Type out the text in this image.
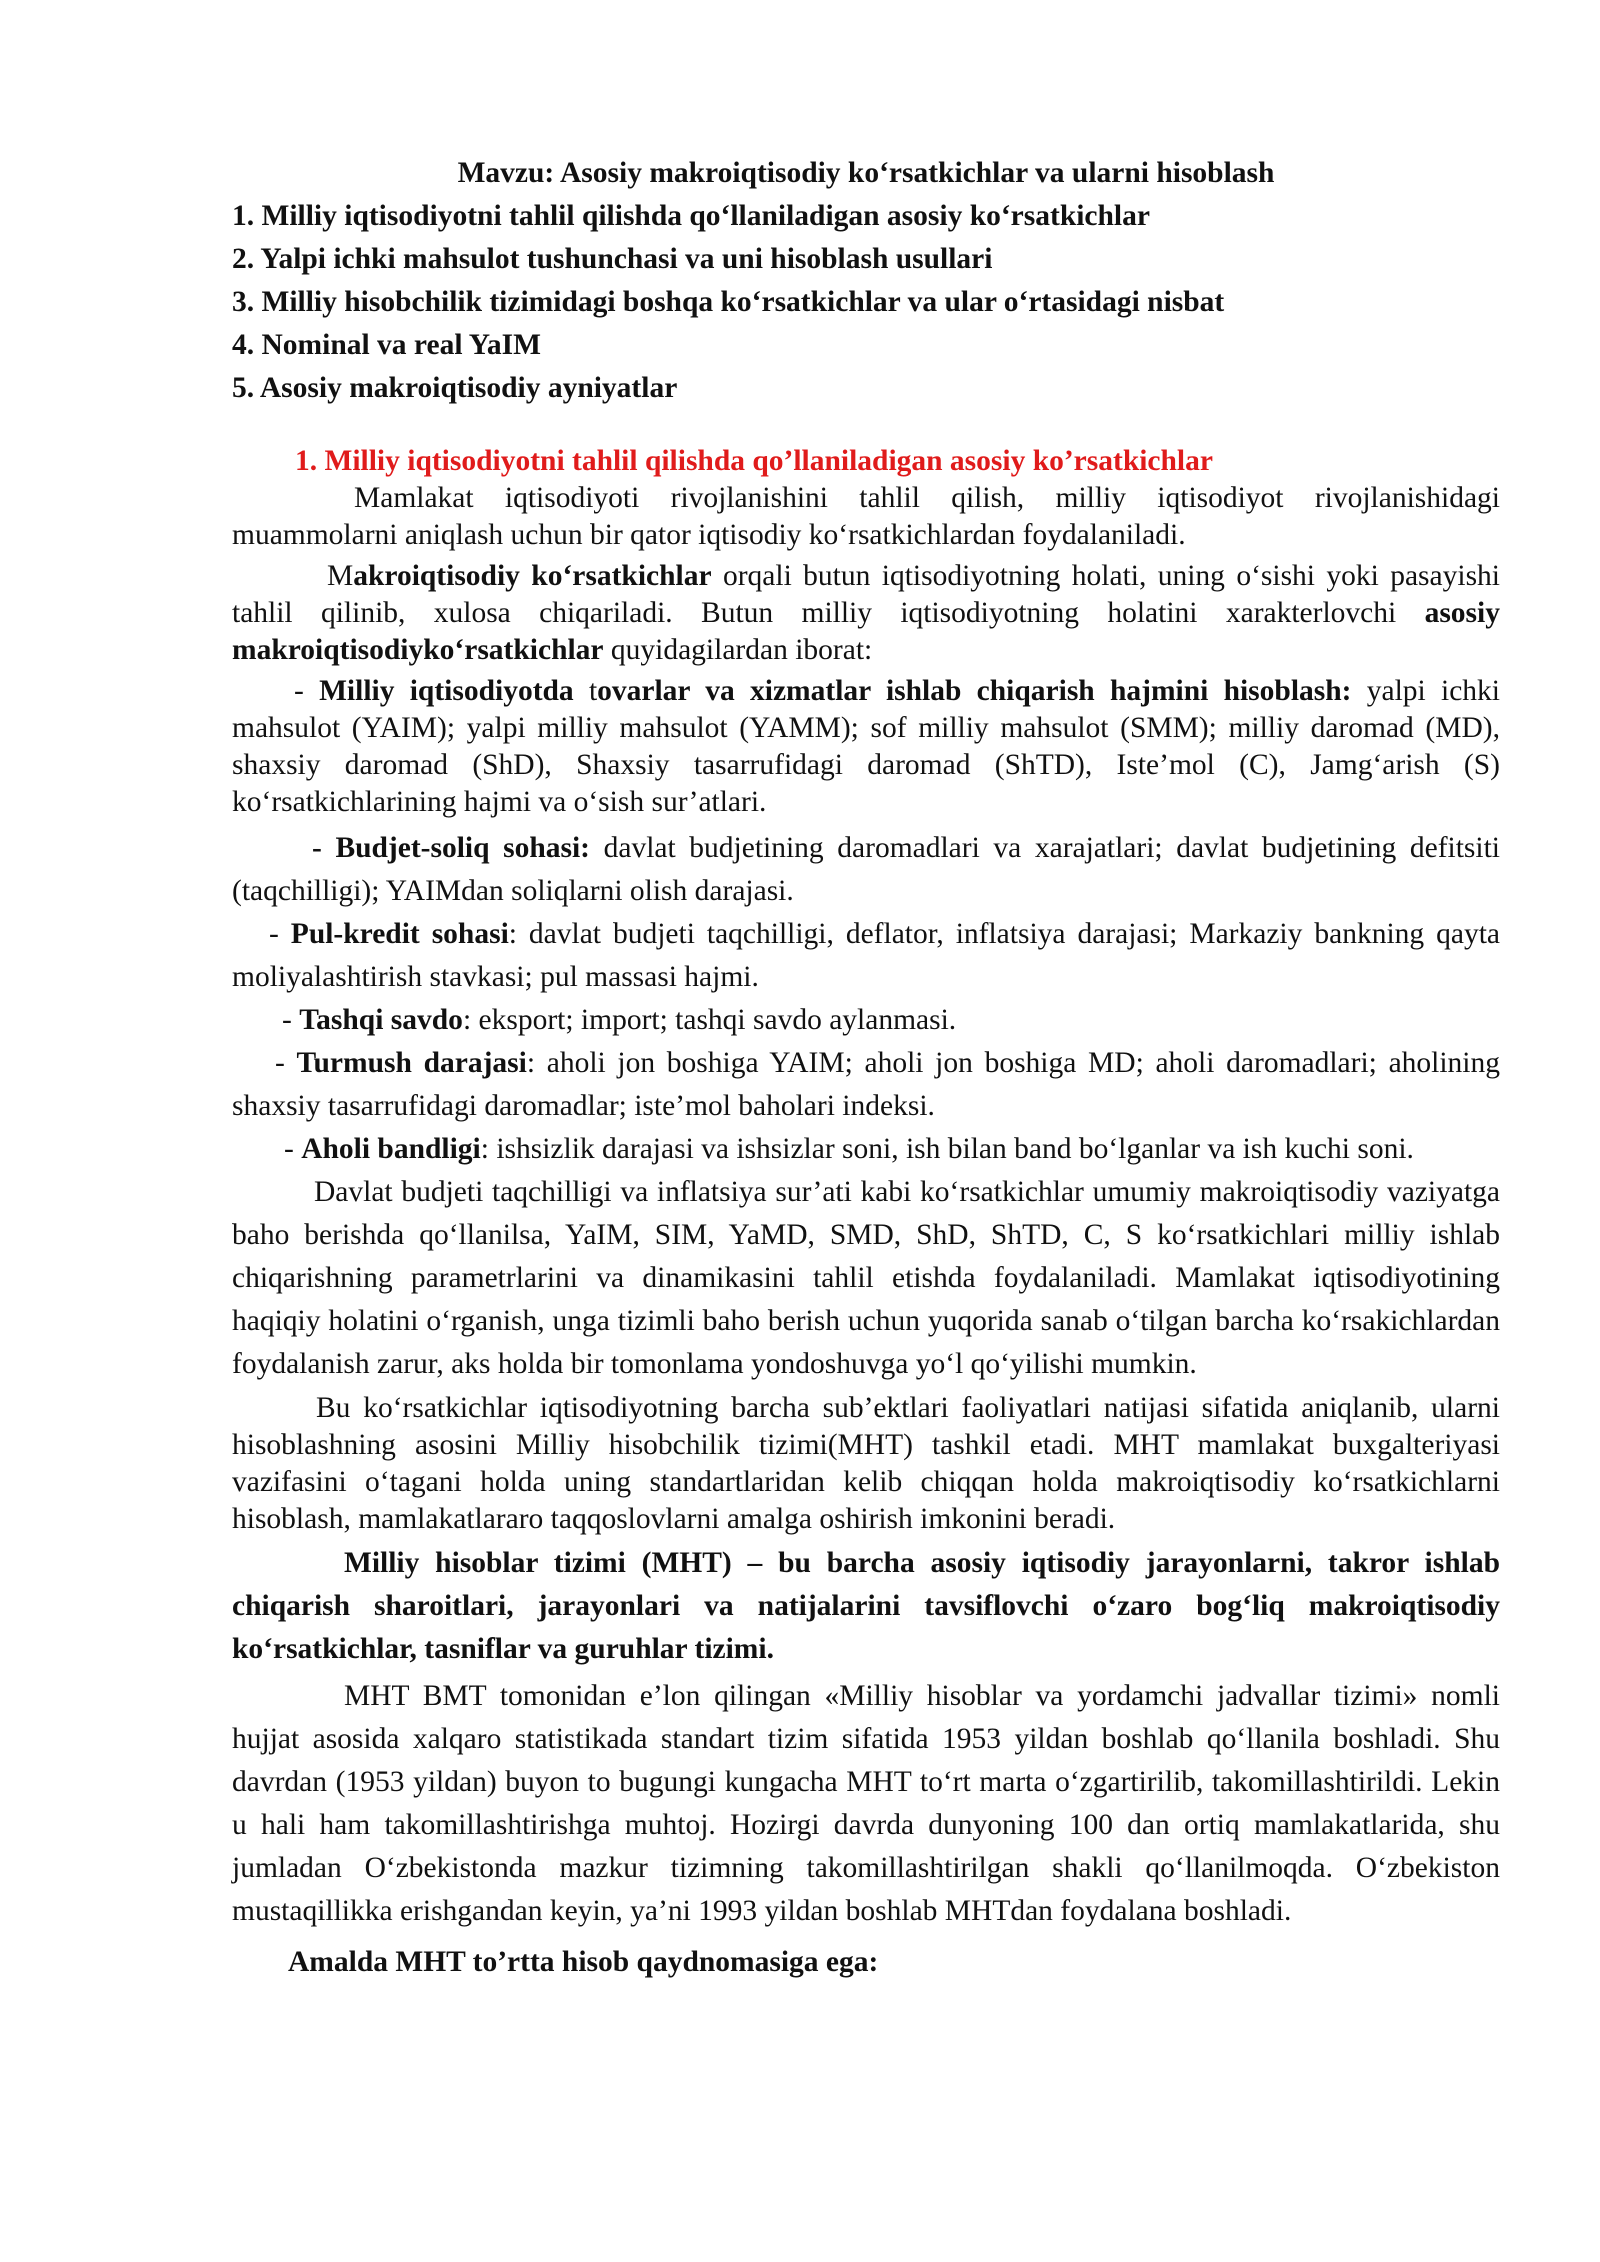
Mavzu: Asosiy makroiqtisodiy koʻrsatkichlar va ularni hisoblash
1. Milliy iqtisodiyotni tahlil qilishda qoʻllaniladigan asosiy koʻrsatkichlar
2. Yalpi ichki mahsulot tushunchasi va uni hisoblash usullari
3. Milliy hisobchilik tizimidagi boshqa koʻrsatkichlar va ular oʻrtasidagi nisbat
4. Nominal va real YaIM
5. Asosiy makroiqtisodiy ayniyatlar
1. Milliy iqtisodiyotni tahlil qilishda qo’llaniladigan asosiy ko’rsatkichlar

Mamlakat iqtisodiyoti rivojlanishini tahlil qilish, milliy iqtisodiyot rivojlanishidagi muammolarni aniqlash uchun bir qator iqtisodiy koʻrsatkichlardan foydalaniladi.

Makroiqtisodiy koʻrsatkichlar orqali butun iqtisodiyotning holati, uning oʻsishi yoki pasayishi tahlil qilinib, xulosa chiqariladi. Butun milliy iqtisodiyotning holatini xarakterlovchi asosiy makroiqtisodiykoʻrsatkichlar quyidagilardan iborat:

- Milliy iqtisodiyotda tovarlar va xizmatlar ishlab chiqarish hajmini hisoblash: yalpi ichki mahsulot (YAIM); yalpi milliy mahsulot (YAMM); sof milliy mahsulot (SMM); milliy daromad (MD), shaxsiy daromad (ShD), Shaxsiy tasarrufidagi daromad (ShTD), Iste’mol (C), Jamgʻarish (S) koʻrsatkichlarining hajmi va oʻsish sur’atlari.

- Budjet-soliq sohasi: davlat budjetining daromadlari va xarajatlari; davlat budjetining defitsiti (taqchilligi); YAIMdan soliqlarni olish darajasi.

- Pul-kredit sohasi: davlat budjeti taqchilligi, deflator, inflatsiya darajasi; Markaziy bankning qayta moliyalashtirish stavkasi; pul massasi hajmi.

- Tashqi savdo: eksport; import; tashqi savdo aylanmasi.

- Turmush darajasi: aholi jon boshiga YAIM; aholi jon boshiga MD; aholi daromadlari; aholining shaxsiy tasarrufidagi daromadlar; iste’mol baholari indeksi.

- Aholi bandligi: ishsizlik darajasi va ishsizlar soni, ish bilan band boʻlganlar va ish kuchi soni.

Davlat budjeti taqchilligi va inflatsiya sur’ati kabi koʻrsatkichlar umumiy makroiqtisodiy vaziyatga baho berishda qoʻllanilsa, YaIM, SIM, YaMD, SMD, ShD, ShTD, C, S koʻrsatkichlari milliy ishlab chiqarishning parametrlarini va dinamikasini tahlil etishda foydalaniladi. Mamlakat iqtisodiyotining haqiqiy holatini oʻrganish, unga tizimli baho berish uchun yuqorida sanab oʻtilgan barcha koʻrsakichlardan foydalanish zarur, aks holda bir tomonlama yondoshuvga yoʻl qoʻyilishi mumkin.

Bu koʻrsatkichlar iqtisodiyotning barcha sub’ektlari faoliyatlari natijasi sifatida aniqlanib, ularni hisoblashning asosini Milliy hisobchilik tizimi(MHT) tashkil etadi. MHT mamlakat buxgalteriyasi vazifasini oʻtagani holda uning standartlaridan kelib chiqqan holda makroiqtisodiy koʻrsatkichlarni hisoblash, mamlakatlararo taqqoslovlarni amalga oshirish imkonini beradi.

Milliy hisoblar tizimi (MHT) – bu barcha asosiy iqtisodiy jarayonlarni, takror ishlab chiqarish sharoitlari, jarayonlari va natijalarini tavsiflovchi oʻzaro bogʻliq makroiqtisodiy koʻrsatkichlar, tasniflar va guruhlar tizimi.

MHT BMT tomonidan e’lon qilingan «Milliy hisoblar va yordamchi jadvallar tizimi» nomli hujjat asosida xalqaro statistikada standart tizim sifatida 1953 yildan boshlab qoʻllanila boshladi. Shu davrdan (1953 yildan) buyon to bugungi kungacha MHT toʻrt marta oʻzgartirilib, takomillashtirildi. Lekin u hali ham takomillashtirishga muhtoj. Hozirgi davrda dunyoning 100 dan ortiq mamlakatlarida, shu jumladan Oʻzbekistonda mazkur tizimning takomillashtirilgan shakli qoʻllanilmoqda. Oʻzbekiston mustaqillikka erishgandan keyin, ya’ni 1993 yildan boshlab MHTdan foydalana boshladi.

Amalda MHT to’rtta hisob qaydnomasiga ega:
